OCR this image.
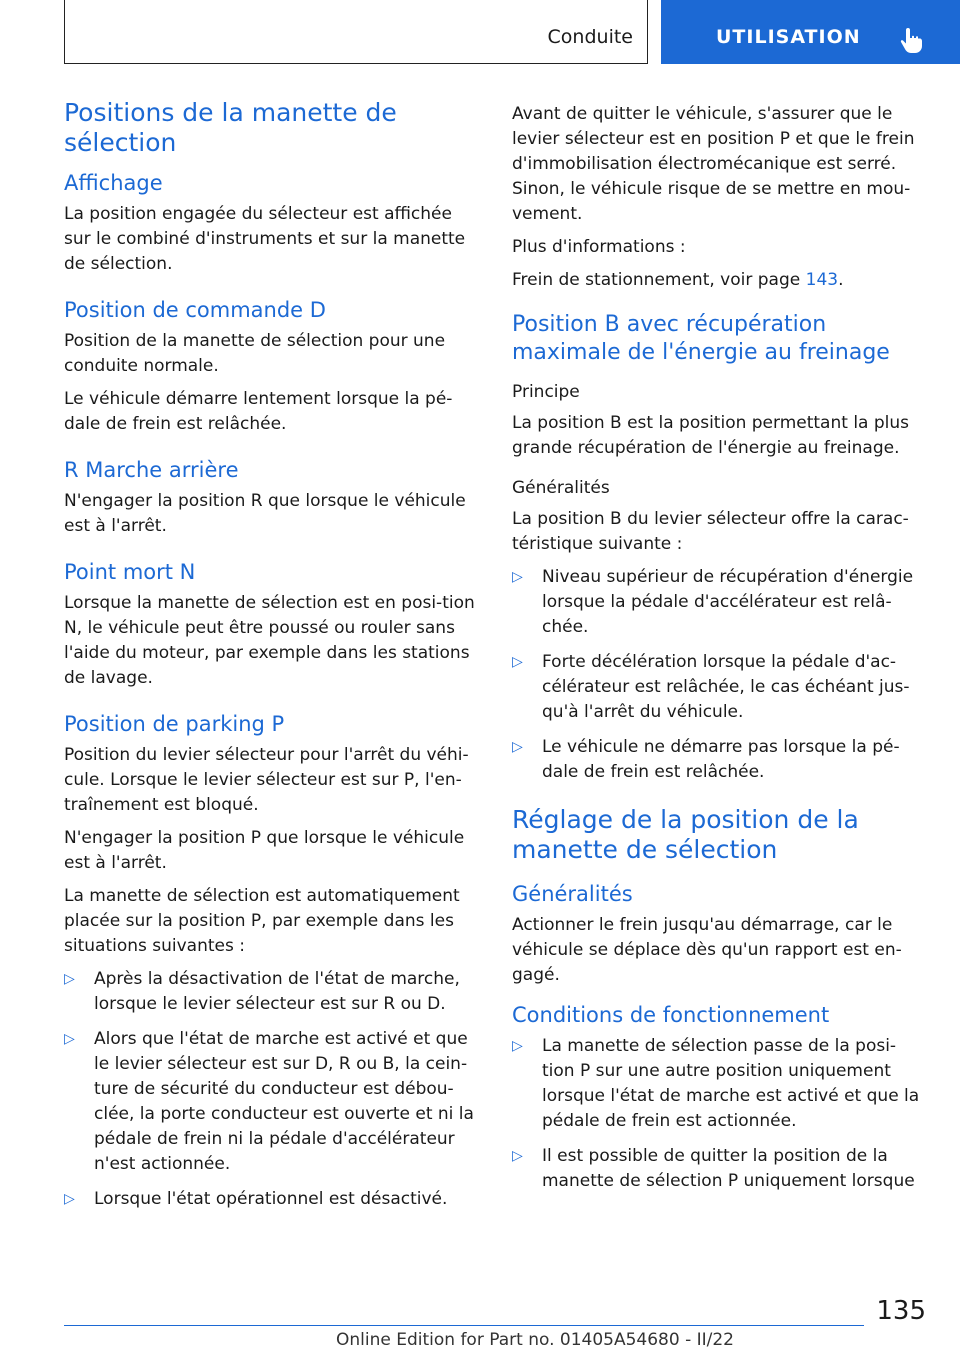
Conduite	UTILISATION
Positions de la manette de sélection
Affichage

La position engagée du sélecteur est affichée sur le combiné d'instruments et sur la manette de sélection.

Position de commande D

Position de la manette de sélection pour une conduite normale.

Le véhicule démarre lentement lorsque la pé-dale de frein est relâchée.

R Marche arrière

N'engager la position R que lorsque le véhicule est à l'arrêt.

Point mort N

Lorsque la manette de sélection est en posi-tion N, le véhicule peut être poussé ou rouler sans l'aide du moteur, par exemple dans les stations de lavage.

Position de parking P

Position du levier sélecteur pour l'arrêt du véhi-cule. Lorsque le levier sélecteur est sur P, l'en-traînement est bloqué.

N'engager la position P que lorsque le véhicule est à l'arrêt.

La manette de sélection est automatiquement placée sur la position P, par exemple dans les situations suivantes :

▷ Après la désactivation de l'état de marche, lorsque le levier sélecteur est sur R ou D.
▷ Alors que l'état de marche est activé et que le levier sélecteur est sur D, R ou B, la cein-ture de sécurité du conducteur est débou-clée, la porte conducteur est ouverte et ni la pédale de frein ni la pédale d'accélérateur n'est actionnée.
▷ Lorsque l'état opérationnel est désactivé.

Avant de quitter le véhicule, s'assurer que le levier sélecteur est en position P et que le frein d'immobilisation électromécanique est serré. Sinon, le véhicule risque de se mettre en mou-vement.

Plus d'informations :

Frein de stationnement, voir page 143.

Position B avec récupération maximale de l'énergie au freinage
Principe

La position B est la position permettant la plus grande récupération de l'énergie au freinage.

Généralités

La position B du levier sélecteur offre la carac-téristique suivante :

▷ Niveau supérieur de récupération d'énergie lorsque la pédale d'accélérateur est relâ-chée.
▷ Forte décélération lorsque la pédale d'ac-célérateur est relâchée, le cas échéant jus-qu'à l'arrêt du véhicule.
▷ Le véhicule ne démarre pas lorsque la pé-dale de frein est relâchée.
Réglage de la position de la manette de sélection
Généralités

Actionner le frein jusqu'au démarrage, car le véhicule se déplace dès qu'un rapport est en-gagé.

Conditions de fonctionnement
▷ La manette de sélection passe de la posi-tion P sur une autre position uniquement lorsque l'état de marche est activé et que la pédale de frein est actionnée.
▷ Il est possible de quitter la position de la manette de sélection P uniquement lorsque
135
Online Edition for Part no. 01405A54680 - II/22
